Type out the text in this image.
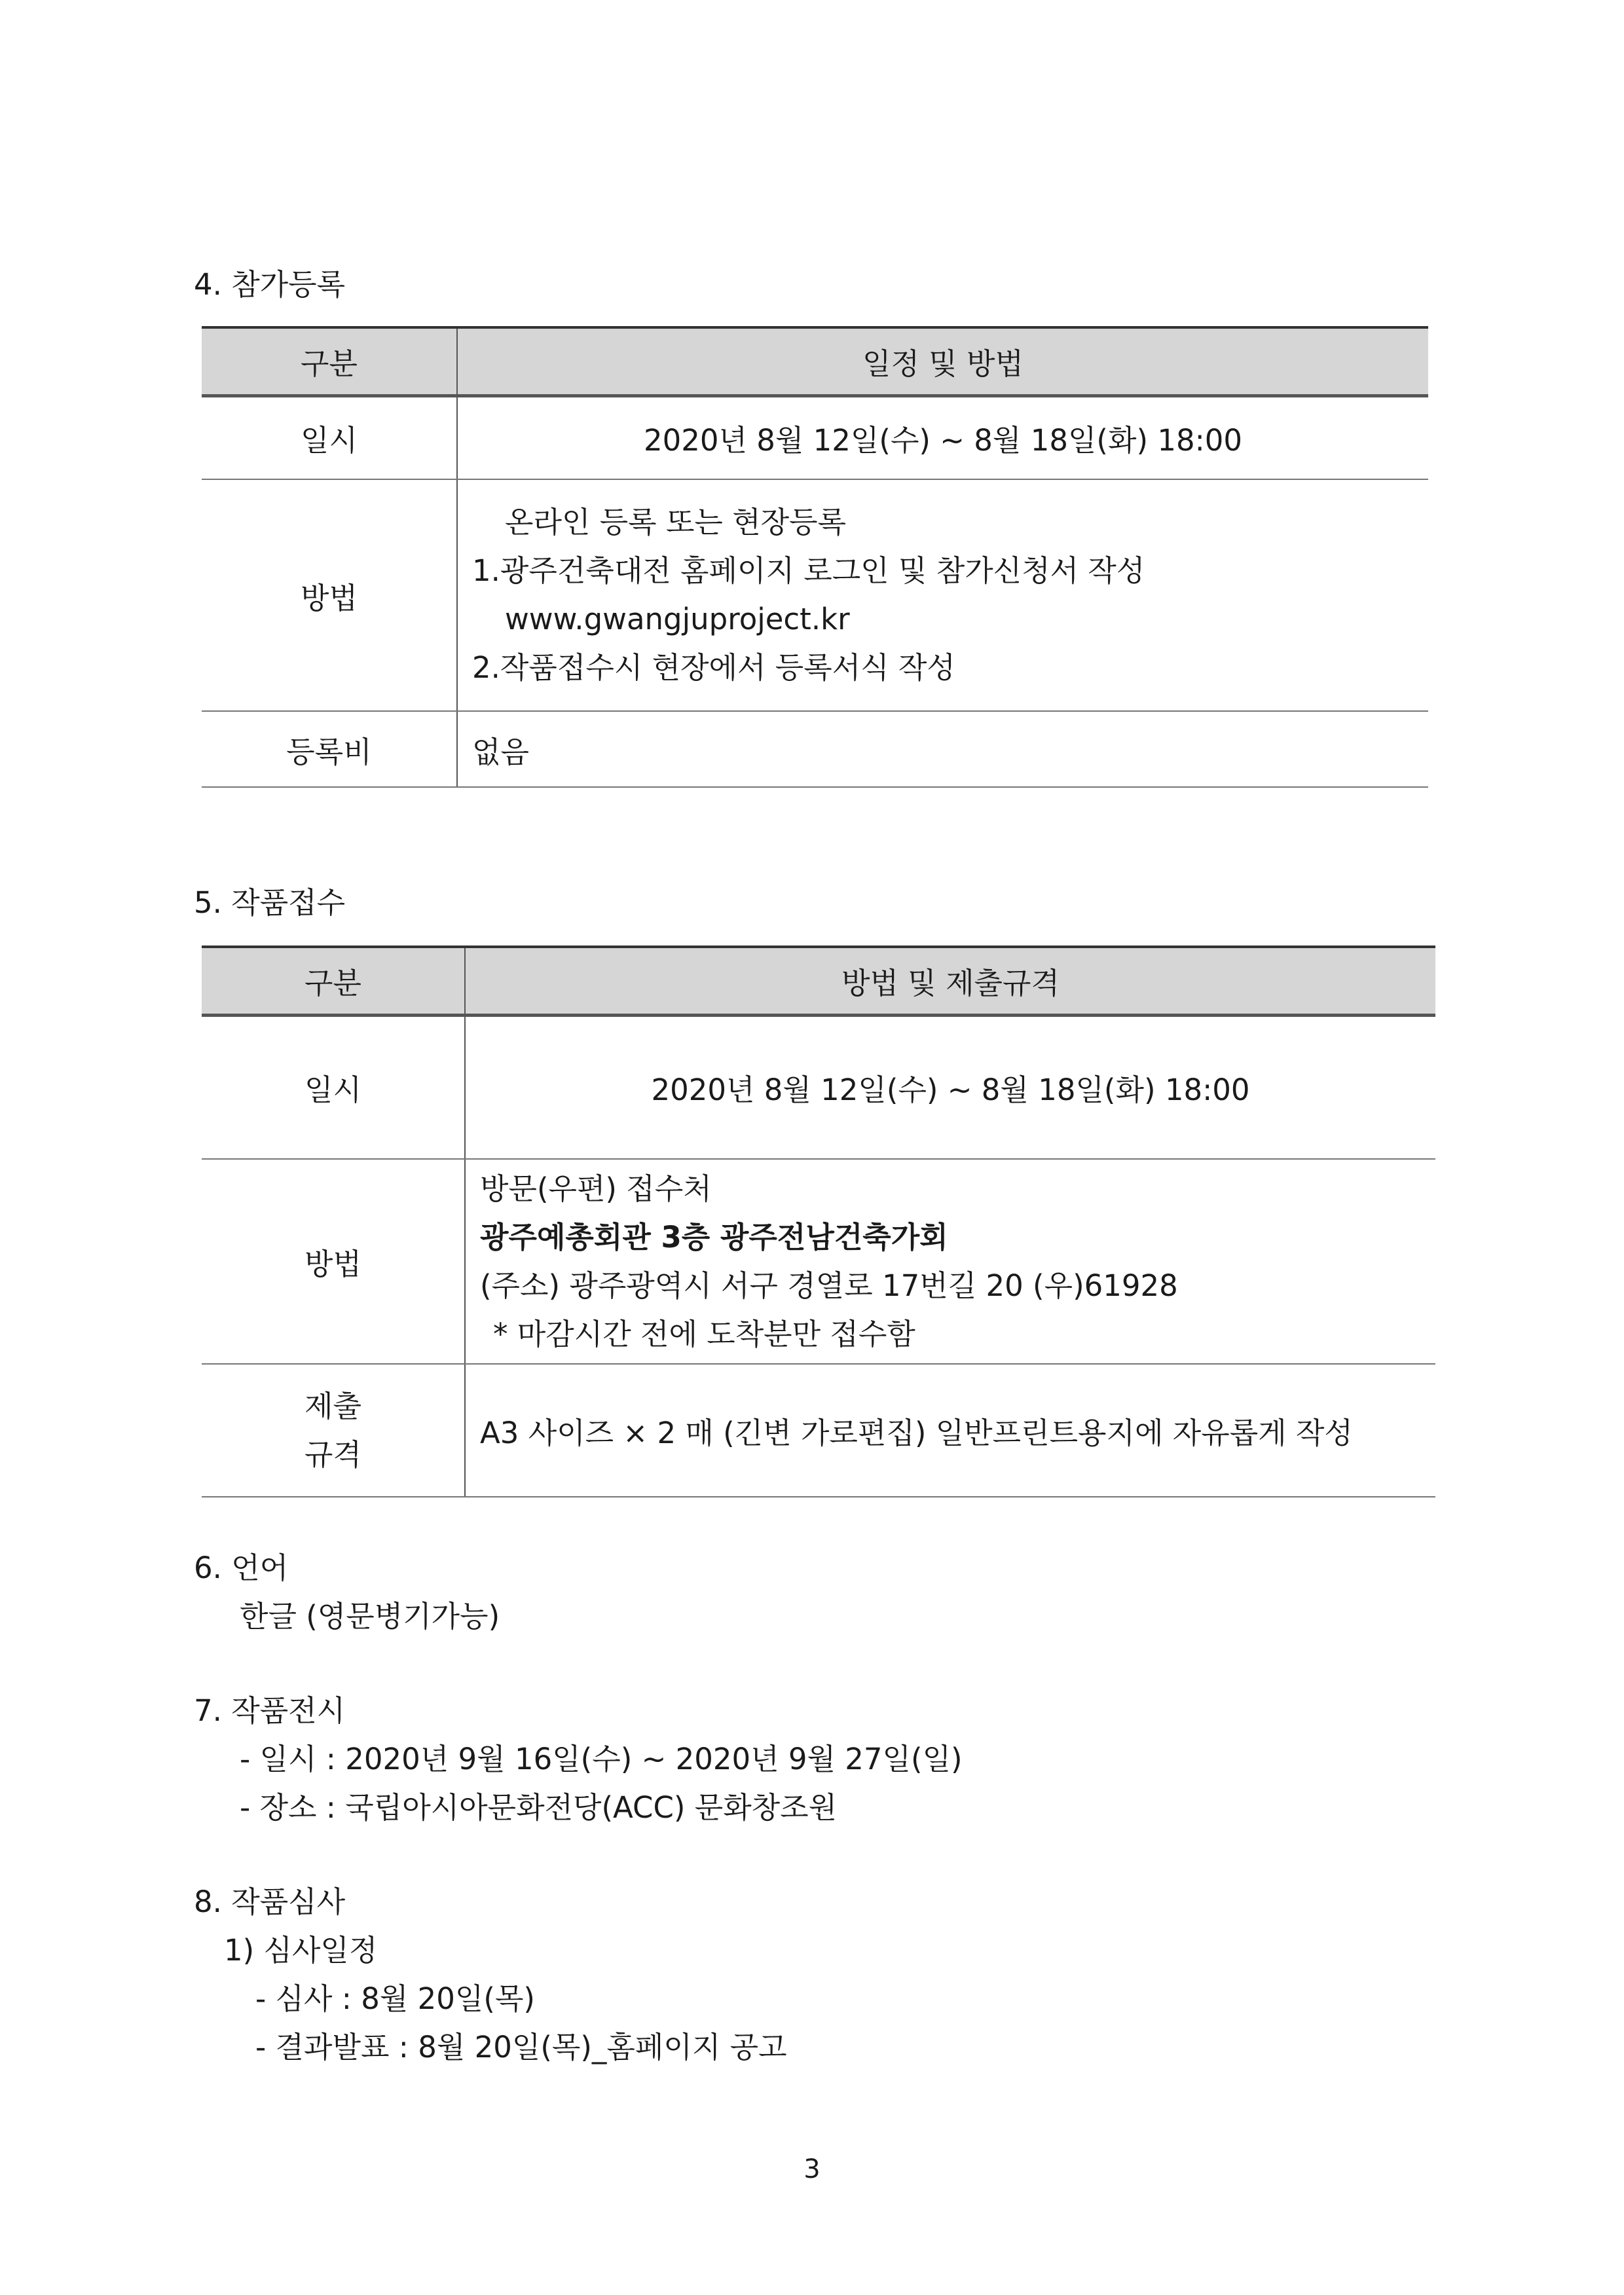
4. 참가등록
구분	일정 및 방법
일시	2020년 8월 12일(수) ~ 8월 18일(화) 18:00
방법	온라인 등록 또는 현장등록
1.광주건축대전 홈페이지 로그인 및 참가신청서 작성
www.gwangjuproject.kr
2.작품접수시 현장에서 등록서식 작성

등록비	없음
5. 작품접수
구분	방법 및 제출규격
일시	2020년 8월 12일(수) ~ 8월 18일(화) 18:00
방법	방문(우편) 접수처
광주예총회관 3층 광주전남건축가회
(주소) 광주광역시 서구 경열로 17번길 20 (우)61928
* 마감시간 전에 도착분만 접수함

제출
규격	A3 사이즈 × 2 매 (긴변 가로편집) 일반프린트용지에 자유롭게 작성
6. 언어
한글 (영문병기가능)
7. 작품전시
- 일시 : 2020년 9월 16일(수) ~ 2020년 9월 27일(일)
- 장소 : 국립아시아문화전당(ACC) 문화창조원
8. 작품심사
1) 심사일정
- 심사 : 8월 20일(목)
- 결과발표 : 8월 20일(목)_홈페이지 공고
3
